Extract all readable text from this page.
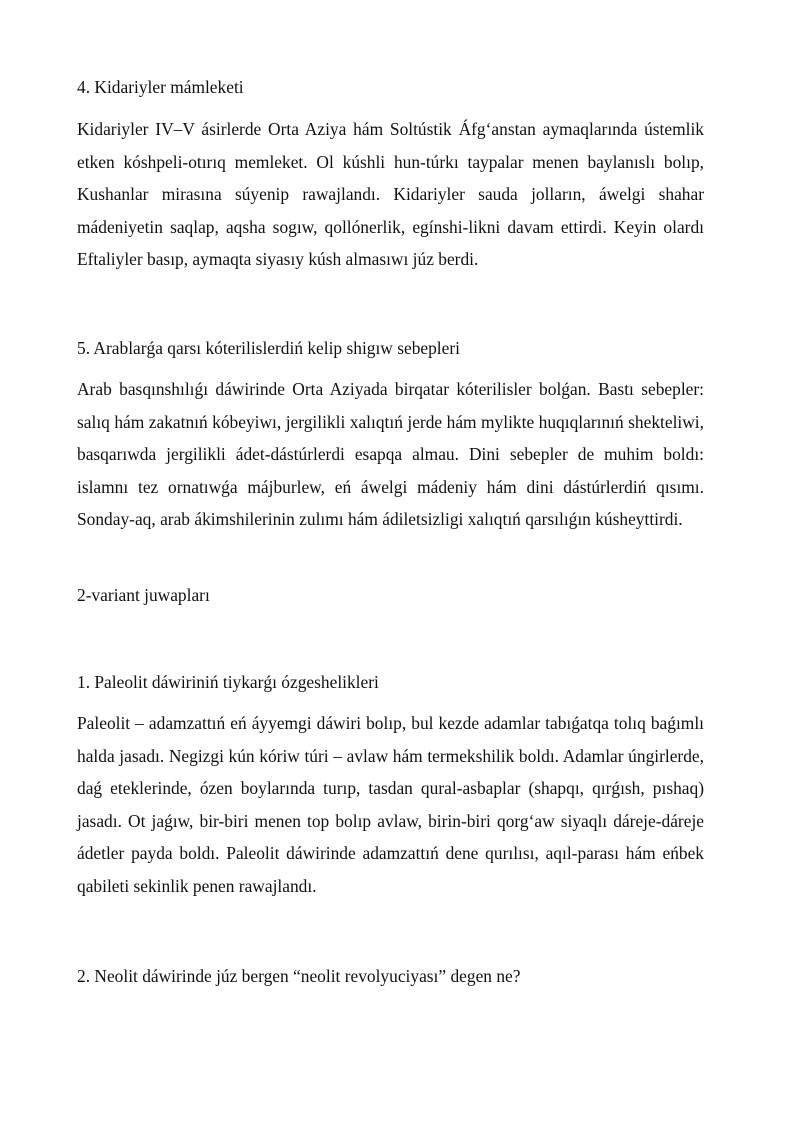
4. Kidariyler mámleketi

Kidariyler IV–V ásirlerde Orta Aziya hám Soltústik Áfg‘anstan aymaqlarında ústemlik etken kóshpeli-otırıq memleket. Ol kúshli hun-túrkı taypalar menen baylanıslı bolıp, Kushanlar mirasına súyenip rawajlandı. Kidariyler sauda jolların, áwelgi shahar mádeniyetin saqlap, aqsha sogıw, qollónerlik, egínshi-likni davam ettirdi. Keyin olardı Eftaliyler basıp, aymaqta siyasıy kúsh almasıwı júz berdi.

5. Arablarǵa qarsı kóterilislerdiń kelip shigıw sebepleri

Arab basqınshılıǵı dáwirinde Orta Aziyada birqatar kóterilisler bolǵan. Bastı sebepler: salıq hám zakatnıń kóbeyiwı, jergilikli xalıqtıń jerde hám mylikte huqıqlarınıń shekteliwi, basqarıwda jergilikli ádet-dástúrlerdi esapqa almau. Dini sebepler de muhim boldı: islamnı tez ornatıwǵa májburlew, eń áwelgi mádeniy hám dini dástúrlerdiń qısımı. Sonday-aq, arab ákimshilerinin zulımı hám ádiletsizligi xalıqtıń qarsılıǵın kúsheyttirdi.

2-variant juwapları
1. Paleolit dáwiriniń tiykarǵı ózgeshelikleri

Paleolit – adamzattıń eń áyyemgi dáwiri bolıp, bul kezde adamlar tabıǵatqa tolıq baǵımlı halda jasadı. Negizgi kún kóriw túri – avlaw hám termekshilik boldı. Adamlar úngirlerde, daǵ eteklerinde, ózen boylarında turıp, tasdan qural-asbaplar (shapqı, qırǵısh, pıshaq) jasadı. Ot jaǵıw, bir-biri menen top bolıp avlaw, birin-biri qorg‘aw siyaqlı dáreje-dáreje ádetler payda boldı. Paleolit dáwirinde adamzattıń dene qurılısı, aqıl-parası hám eńbek qabileti sekinlik penen rawajlandı.

2. Neolit dáwirinde júz bergen “neolit revolyuciyası” degen ne?
